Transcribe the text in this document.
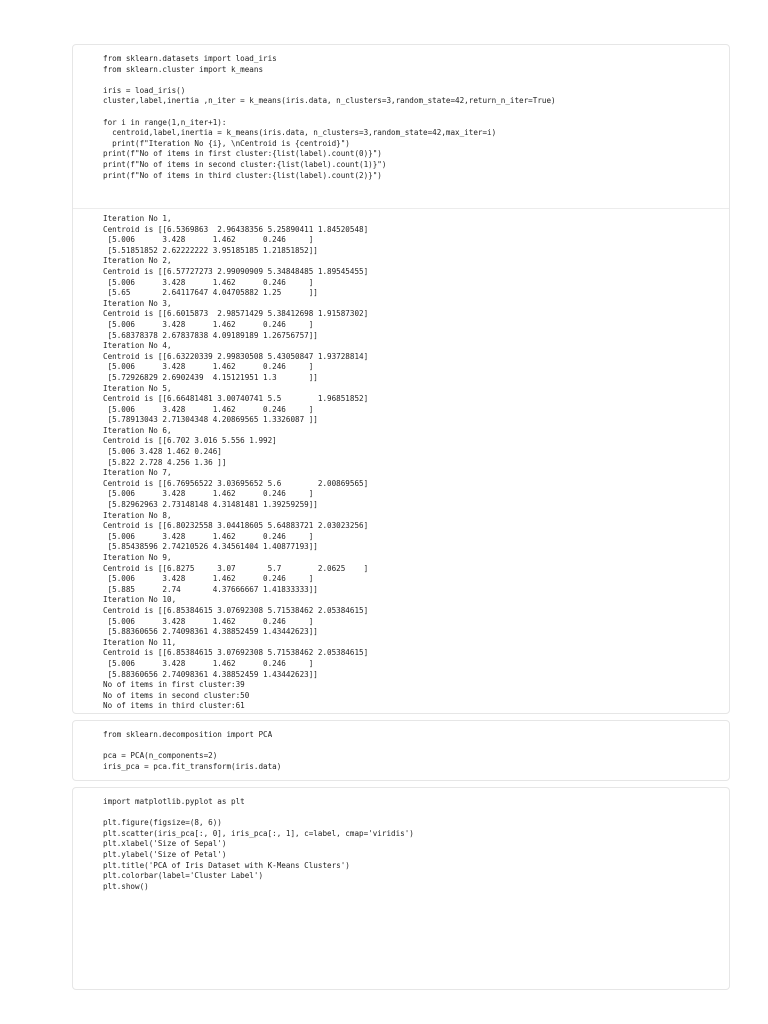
from sklearn.datasets import load_iris
from sklearn.cluster import k_means

iris = load_iris()
cluster,label,inertia ,n_iter = k_means(iris.data, n_clusters=3,random_state=42,return_n_iter=True)

for i in range(1,n_iter+1):
centroid,label,inertia = k_means(iris.data, n_clusters=3,random_state=42,max_iter=i)
print(f"Iteration No {i}, \nCentroid is {centroid}")
print(f"No of items in first cluster:{list(label).count(0)}")
print(f"No of items in second cluster:{list(label).count(1)}")
print(f"No of items in third cluster:{list(label).count(2)}")
Iteration No 1,
Centroid is [[6.5369863  2.96438356 5.25890411 1.84520548]
[5.006      3.428      1.462      0.246     ]
[5.51851852 2.62222222 3.95185185 1.21851852]]
Iteration No 2,
Centroid is [[6.57727273 2.99090909 5.34848485 1.89545455]
[5.006      3.428      1.462      0.246     ]
[5.65       2.64117647 4.04705882 1.25      ]]
Iteration No 3,
Centroid is [[6.6015873  2.98571429 5.38412698 1.91587302]
[5.006      3.428      1.462      0.246     ]
[5.68378378 2.67837838 4.09189189 1.26756757]]
Iteration No 4,
Centroid is [[6.63220339 2.99830508 5.43050847 1.93728814]
[5.006      3.428      1.462      0.246     ]
[5.72926829 2.6902439  4.15121951 1.3       ]]
Iteration No 5,
Centroid is [[6.66481481 3.00740741 5.5        1.96851852]
[5.006      3.428      1.462      0.246     ]
[5.78913043 2.71304348 4.20869565 1.3326087 ]]
Iteration No 6,
Centroid is [[6.702 3.016 5.556 1.992]
[5.006 3.428 1.462 0.246]
[5.822 2.728 4.256 1.36 ]]
Iteration No 7,
Centroid is [[6.76956522 3.03695652 5.6        2.00869565]
[5.006      3.428      1.462      0.246     ]
[5.82962963 2.73148148 4.31481481 1.39259259]]
Iteration No 8,
Centroid is [[6.80232558 3.04418605 5.64883721 2.03023256]
[5.006      3.428      1.462      0.246     ]
[5.85438596 2.74210526 4.34561404 1.40877193]]
Iteration No 9,
Centroid is [[6.8275     3.07       5.7        2.0625    ]
[5.006      3.428      1.462      0.246     ]
[5.885      2.74       4.37666667 1.41833333]]
Iteration No 10,
Centroid is [[6.85384615 3.07692308 5.71538462 2.05384615]
[5.006      3.428      1.462      0.246     ]
[5.88360656 2.74098361 4.38852459 1.43442623]]
Iteration No 11,
Centroid is [[6.85384615 3.07692308 5.71538462 2.05384615]
[5.006      3.428      1.462      0.246     ]
[5.88360656 2.74098361 4.38852459 1.43442623]]
No of items in first cluster:39
No of items in second cluster:50
No of items in third cluster:61
from sklearn.decomposition import PCA

pca = PCA(n_components=2)
iris_pca = pca.fit_transform(iris.data)
import matplotlib.pyplot as plt

plt.figure(figsize=(8, 6))
plt.scatter(iris_pca[:, 0], iris_pca[:, 1], c=label, cmap='viridis')
plt.xlabel('Size of Sepal')
plt.ylabel('Size of Petal')
plt.title('PCA of Iris Dataset with K-Means Clusters')
plt.colorbar(label='Cluster Label')
plt.show()
